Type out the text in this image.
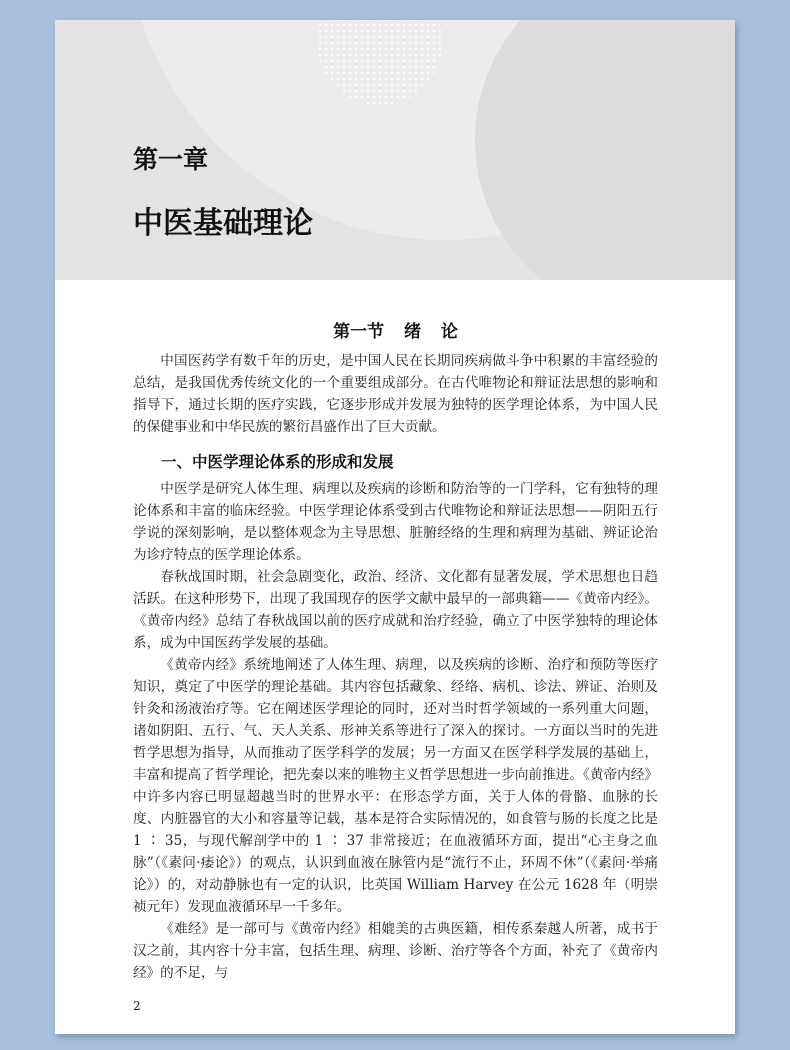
第一章
中医基础理论
第一节 绪 论

中国医药学有数千年的历史，是中国人民在长期同疾病做斗争中积累的丰富经验的总结，是我国优秀传统文化的一个重要组成部分。在古代唯物论和辩证法思想的影响和指导下，通过长期的医疗实践，它逐步形成并发展为独特的医学理论体系，为中国人民的保健事业和中华民族的繁衍昌盛作出了巨大贡献。

一、中医学理论体系的形成和发展

中医学是研究人体生理、病理以及疾病的诊断和防治等的一门学科，它有独特的理论体系和丰富的临床经验。中医学理论体系受到古代唯物论和辩证法思想——阴阳五行学说的深刻影响，是以整体观念为主导思想、脏腑经络的生理和病理为基础、辨证论治为诊疗特点的医学理论体系。

春秋战国时期，社会急剧变化，政治、经济、文化都有显著发展，学术思想也日趋活跃。在这种形势下，出现了我国现存的医学文献中最早的一部典籍——《黄帝内经》。《黄帝内经》总结了春秋战国以前的医疗成就和治疗经验，确立了中医学独特的理论体系，成为中国医药学发展的基础。

《黄帝内经》系统地阐述了人体生理、病理，以及疾病的诊断、治疗和预防等医疗知识，奠定了中医学的理论基础。其内容包括藏象、经络、病机、诊法、辨证、治则及针灸和汤液治疗等。它在阐述医学理论的同时，还对当时哲学领域的一系列重大问题，诸如阴阳、五行、气、天人关系、形神关系等进行了深入的探讨。一方面以当时的先进哲学思想为指导，从而推动了医学科学的发展；另一方面又在医学科学发展的基础上，丰富和提高了哲学理论，把先秦以来的唯物主义哲学思想进一步向前推进。《黄帝内经》中许多内容已明显超越当时的世界水平：在形态学方面，关于人体的骨骼、血脉的长度、内脏器官的大小和容量等记载，基本是符合实际情况的，如食管与肠的长度之比是 1 ∶ 35，与现代解剖学中的 1 ∶ 37 非常接近；在血液循环方面，提出“心主身之血脉”（《素问·痿论》）的观点，认识到血液在脉管内是“流行不止，环周不休”（《素问·举痛论》）的，对动静脉也有一定的认识，比英国 William Harvey 在公元 1628 年（明崇祯元年）发现血液循环早一千多年。

《难经》是一部可与《黄帝内经》相媲美的古典医籍，相传系秦越人所著，成书于汉之前，其内容十分丰富，包括生理、病理、诊断、治疗等各个方面，补充了《黄帝内经》的不足，与

2
